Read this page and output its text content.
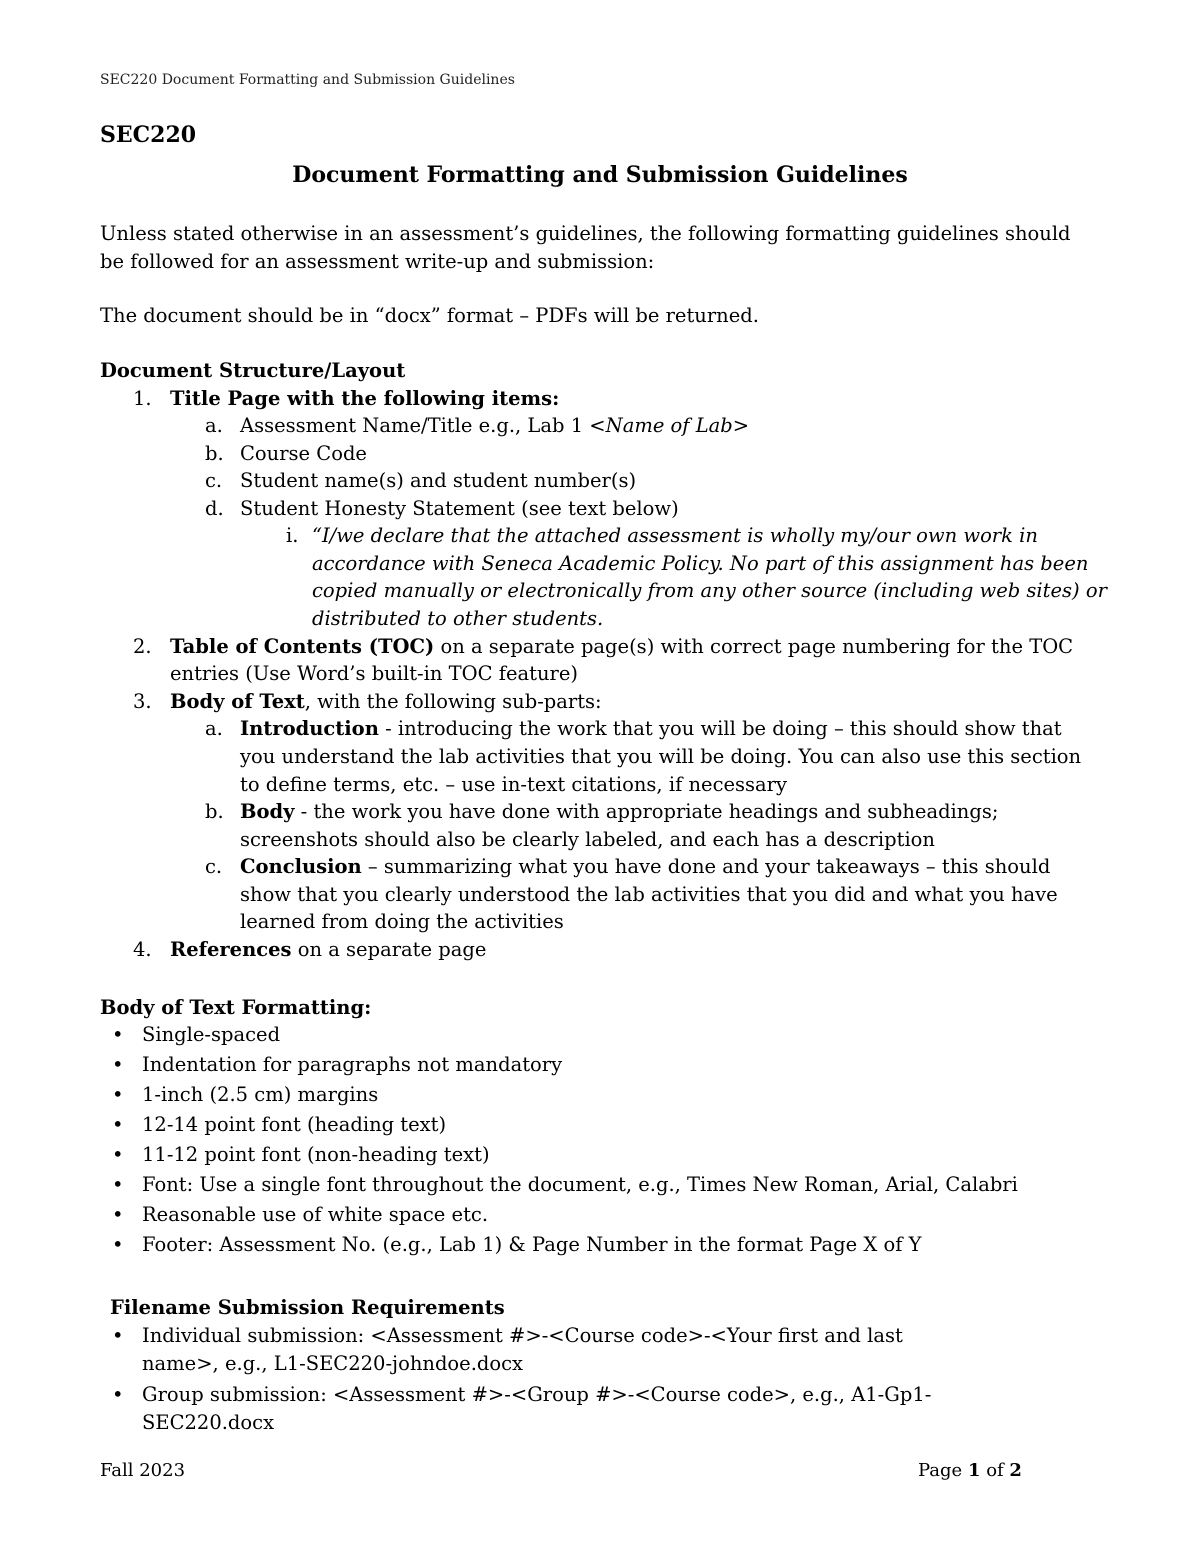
SEC220 Document Formatting and Submission Guidelines
SEC220
Document Formatting and Submission Guidelines
Unless stated otherwise in an assessment’s guidelines, the following formatting guidelines should
be followed for an assessment write-up and submission:
The document should be in “docx” format – PDFs will be returned.
Document Structure/Layout
1. Title Page with the following items:
a. Assessment Name/Title e.g., Lab 1 <Name of Lab>
b. Course Code
c. Student name(s) and student number(s)
d. Student Honesty Statement (see text below)
i. “I/we declare that the attached assessment is wholly my/our own work in
accordance with Seneca Academic Policy. No part of this assignment has been
copied manually or electronically from any other source (including web sites) or
distributed to other students.
2. Table of Contents (TOC) on a separate page(s) with correct page numbering for the TOC
entries (Use Word’s built-in TOC feature)
3. Body of Text, with the following sub-parts:
a. Introduction - introducing the work that you will be doing – this should show that
you understand the lab activities that you will be doing. You can also use this section
to define terms, etc. – use in-text citations, if necessary
b. Body - the work you have done with appropriate headings and subheadings;
screenshots should also be clearly labeled, and each has a description
c. Conclusion – summarizing what you have done and your takeaways – this should
show that you clearly understood the lab activities that you did and what you have
learned from doing the activities
4. References on a separate page
Body of Text Formatting:
• Single-spaced
• Indentation for paragraphs not mandatory
• 1-inch (2.5 cm) margins
• 12-14 point font (heading text)
• 11-12 point font (non-heading text)
• Font: Use a single font throughout the document, e.g., Times New Roman, Arial, Calabri
• Reasonable use of white space etc.
• Footer: Assessment No. (e.g., Lab 1) & Page Number in the format Page X of Y
Filename Submission Requirements
• Individual submission: <Assessment #>-<Course code>-<Your first and last
name>, e.g., L1-SEC220-johndoe.docx
• Group submission: <Assessment #>-<Group #>-<Course code>, e.g., A1-Gp1-
SEC220.docx
Fall 2023	Page 1 of 2
